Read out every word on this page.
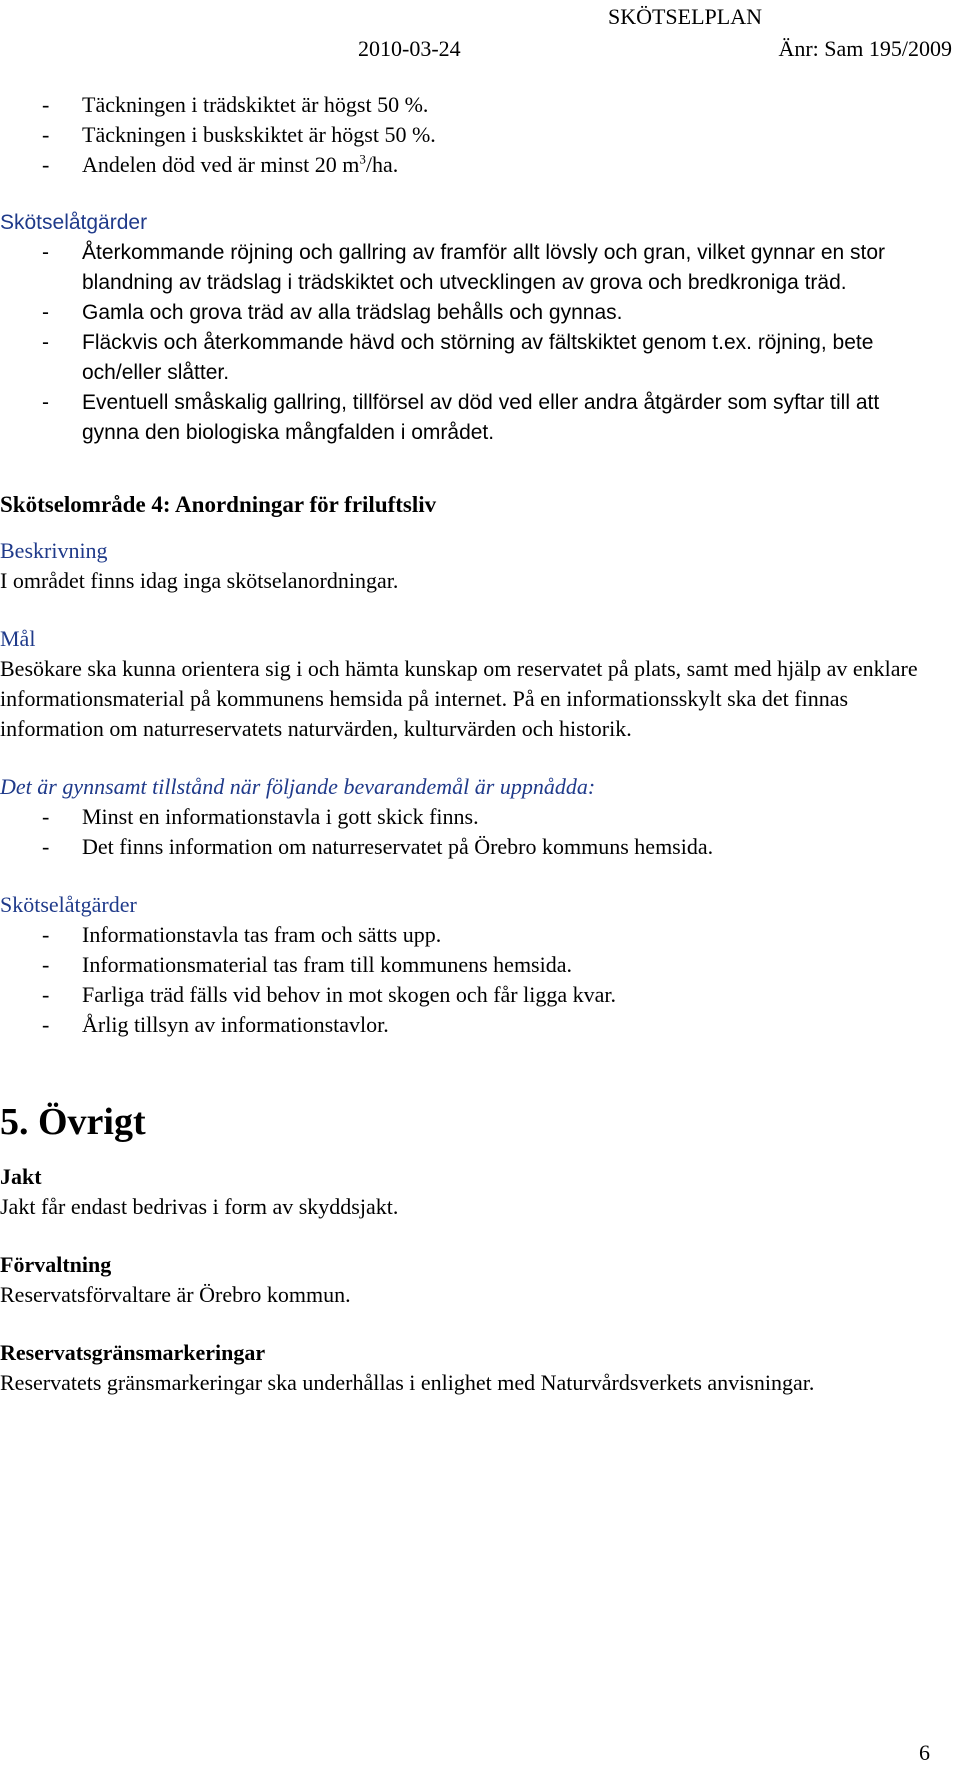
SKÖTSELPLAN
2010-03-24	Änr: Sam 195/2009
-	Täckningen i trädskiktet är högst 50 %.
-	Täckningen i buskskiktet är högst 50 %.
-	Andelen död ved är minst 20 $m^3/ha$.
Skötselåtgärder
-	Återkommande röjning och gallring av framför allt lövsly och gran, vilket gynnar en stor blandning av trädslag i trädskiktet och utvecklingen av grova och bredkroniga träd.
-	Gamla och grova träd av alla trädslag behålls och gynnas.
-	Fläckvis och återkommande hävd och störning av fältskiktet genom t.ex. röjning, bete och/eller slåtter.
-	Eventuell småskalig gallring, tillförsel av död ved eller andra åtgärder som syftar till att gynna den biologiska mångfalden i området.
Skötselområde 4: Anordningar för friluftsliv
Beskrivning
I området finns idag inga skötselanordningar.
Mål
Besökare ska kunna orientera sig i och hämta kunskap om reservatet på plats, samt med hjälp av enklare informationsmaterial på kommunens hemsida på internet. På en informationsskylt ska det finnas information om naturreservatets naturvärden, kulturvärden och historik.
Det är gynnsamt tillstånd när följande bevarandemål är uppnådda:
-	Minst en informationstavla i gott skick finns.
-	Det finns information om naturreservatet på Örebro kommuns hemsida.
Skötselåtgärder
-	Informationstavla tas fram och sätts upp.
-	Informationsmaterial tas fram till kommunens hemsida.
-	Farliga träd fälls vid behov in mot skogen och får ligga kvar.
-	Årlig tillsyn av informationstavlor.
5. Övrigt
Jakt
Jakt får endast bedrivas i form av skyddsjakt.
Förvaltning
Reservatsförvaltare är Örebro kommun.
Reservatsgränsmarkeringar
Reservatets gränsmarkeringar ska underhållas i enlighet med Naturvårdsverkets anvisningar.
6
